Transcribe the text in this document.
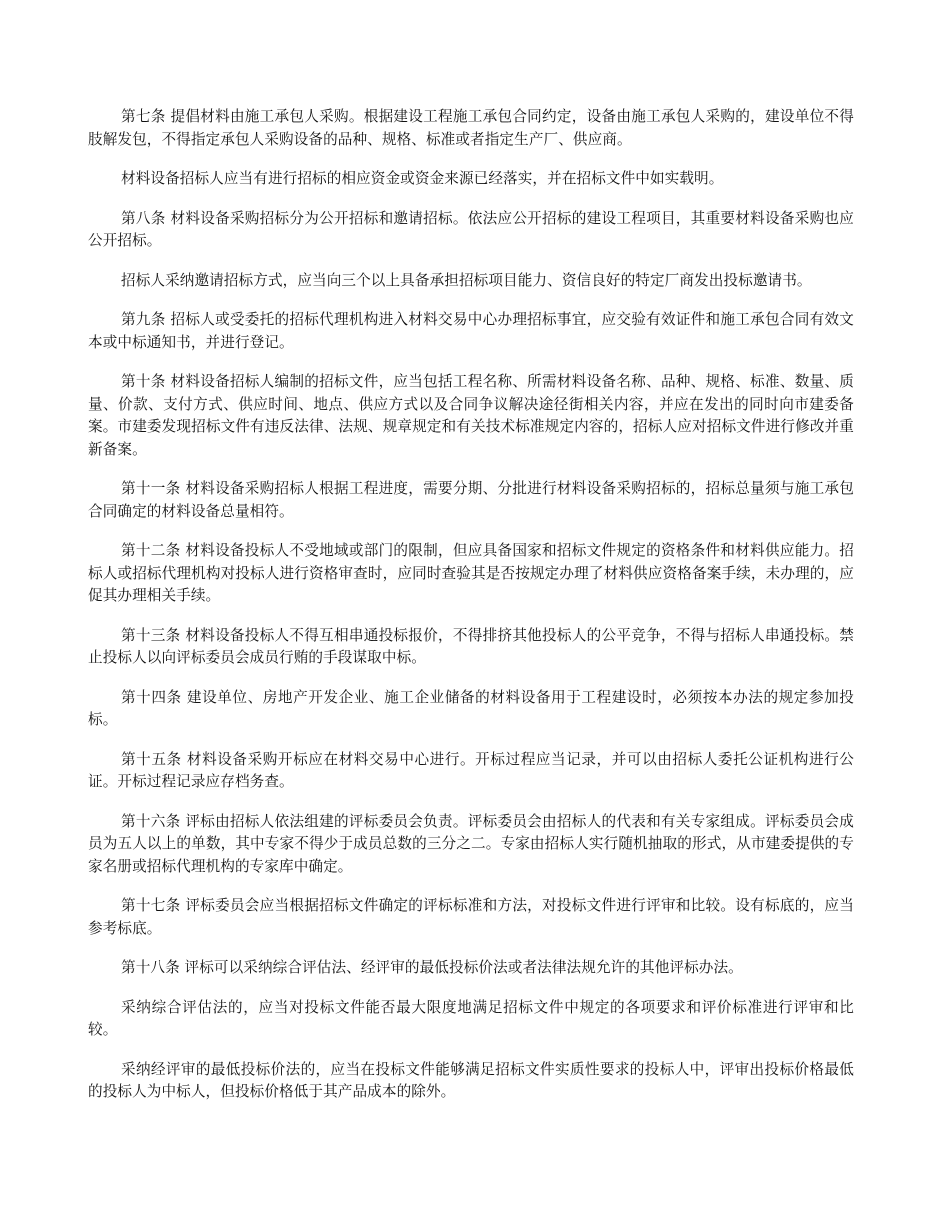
第七条 提倡材料由施工承包人采购。根据建设工程施工承包合同约定，设备由施工承包人采购的，建设单位不得肢解发包，不得指定承包人采购设备的品种、规格、标准或者指定生产厂、供应商。

材料设备招标人应当有进行招标的相应资金或资金来源已经落实，并在招标文件中如实载明。

第八条 材料设备采购招标分为公开招标和邀请招标。依法应公开招标的建设工程项目，其重要材料设备采购也应公开招标。

招标人采纳邀请招标方式，应当向三个以上具备承担招标项目能力、资信良好的特定厂商发出投标邀请书。

第九条 招标人或受委托的招标代理机构进入材料交易中心办理招标事宜，应交验有效证件和施工承包合同有效文本或中标通知书，并进行登记。

第十条 材料设备招标人编制的招标文件，应当包括工程名称、所需材料设备名称、品种、规格、标准、数量、质量、价款、支付方式、供应时间、地点、供应方式以及合同争议解决途径街相关内容，并应在发出的同时向市建委备案。市建委发现招标文件有违反法律、法规、规章规定和有关技术标准规定内容的，招标人应对招标文件进行修改并重新备案。

第十一条 材料设备采购招标人根据工程进度，需要分期、分批进行材料设备采购招标的，招标总量须与施工承包合同确定的材料设备总量相符。

第十二条 材料设备投标人不受地域或部门的限制，但应具备国家和招标文件规定的资格条件和材料供应能力。招标人或招标代理机构对投标人进行资格审查时，应同时查验其是否按规定办理了材料供应资格备案手续，未办理的，应促其办理相关手续。

第十三条 材料设备投标人不得互相串通投标报价，不得排挤其他投标人的公平竞争，不得与招标人串通投标。禁止投标人以向评标委员会成员行贿的手段谋取中标。

第十四条 建设单位、房地产开发企业、施工企业储备的材料设备用于工程建设时，必须按本办法的规定参加投标。

第十五条 材料设备采购开标应在材料交易中心进行。开标过程应当记录，并可以由招标人委托公证机构进行公证。开标过程记录应存档务查。

第十六条 评标由招标人依法组建的评标委员会负责。评标委员会由招标人的代表和有关专家组成。评标委员会成员为五人以上的单数，其中专家不得少于成员总数的三分之二。专家由招标人实行随机抽取的形式，从市建委提供的专家名册或招标代理机构的专家库中确定。

第十七条 评标委员会应当根据招标文件确定的评标标准和方法，对投标文件进行评审和比较。设有标底的，应当参考标底。

第十八条 评标可以采纳综合评估法、经评审的最低投标价法或者法律法规允许的其他评标办法。

采纳综合评估法的，应当对投标文件能否最大限度地满足招标文件中规定的各项要求和评价标准进行评审和比较。

采纳经评审的最低投标价法的，应当在投标文件能够满足招标文件实质性要求的投标人中，评审出投标价格最低的投标人为中标人，但投标价格低于其产品成本的除外。
